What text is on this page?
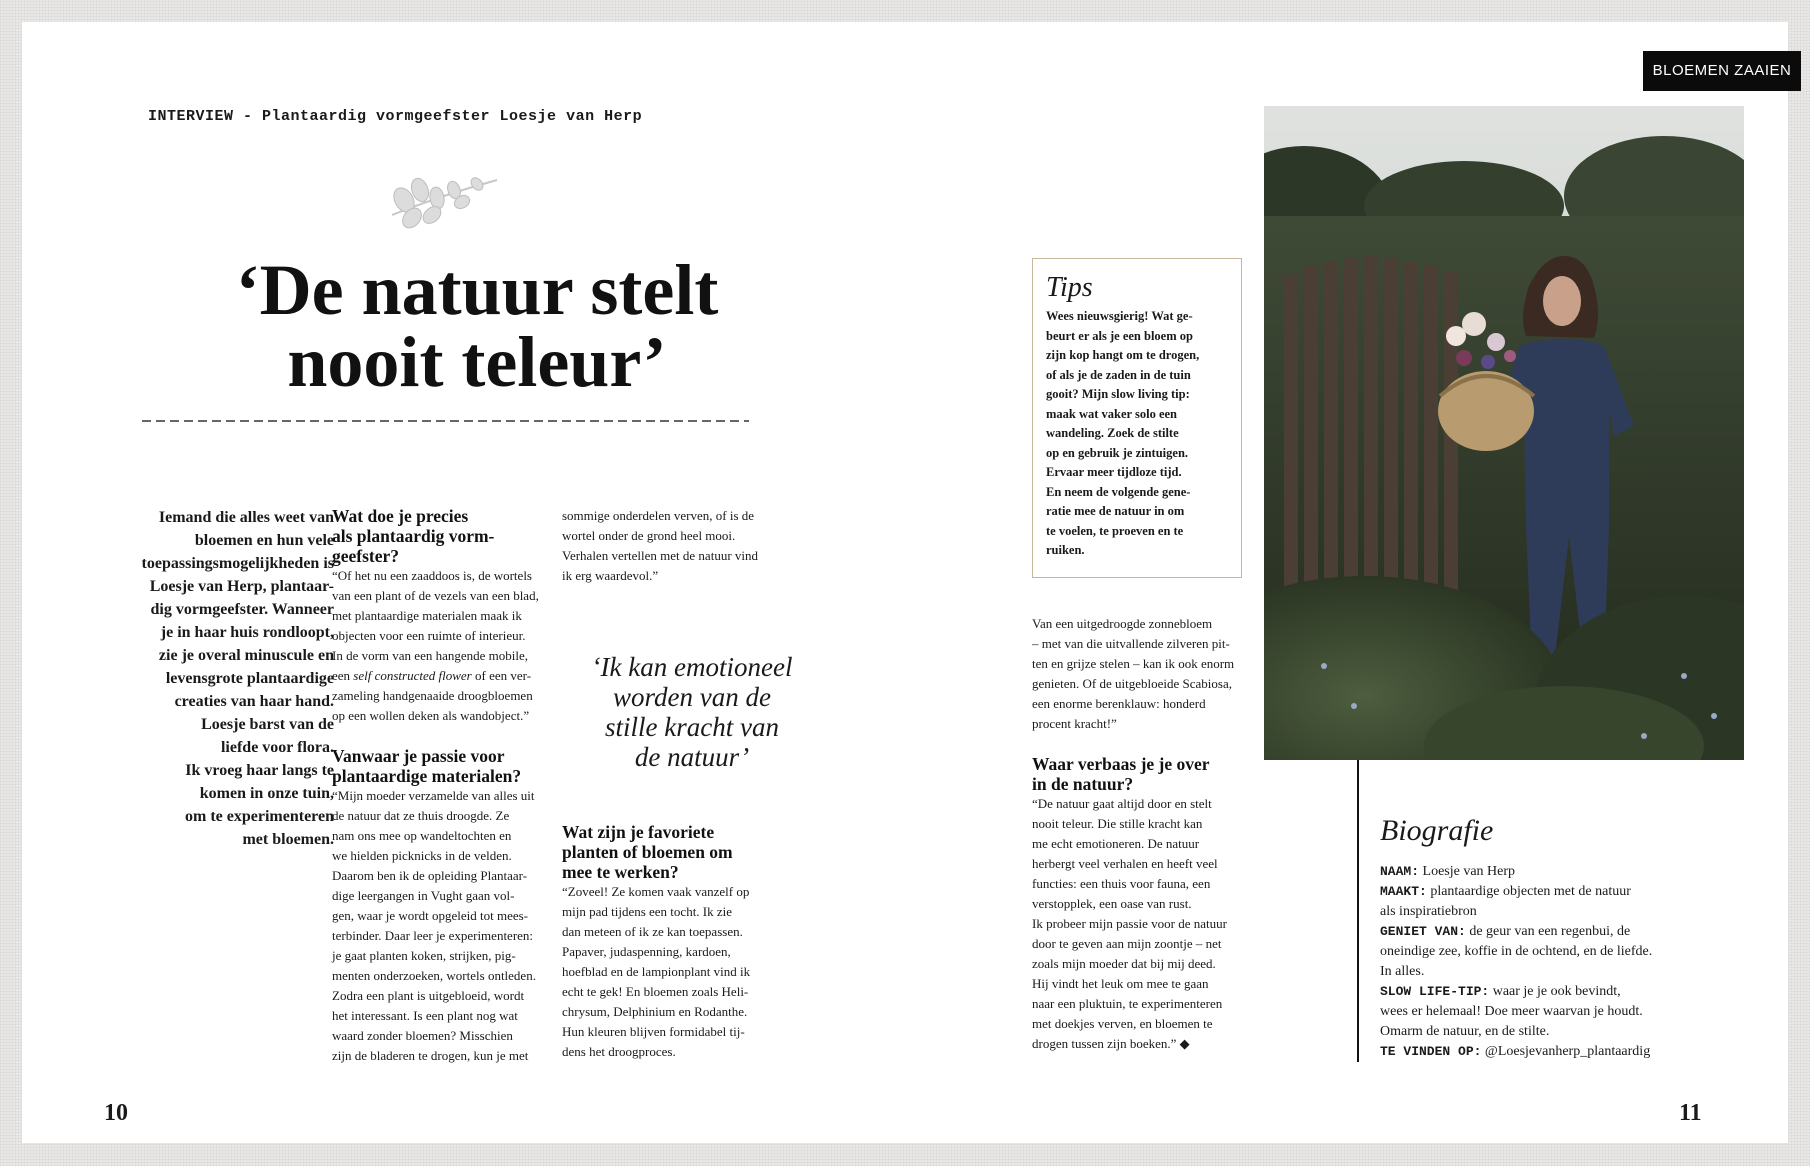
INTERVIEW - Plantaardig vormgeefster Loesje van Herp
‘De natuur stelt
nooit teleur’
Iemand die alles weet van
bloemen en hun vele
toepassingsmogelijkheden is
Loesje van Herp, plantaar-
dig vormgeefster. Wanneer
je in haar huis rondloopt,
zie je overal minuscule en
levensgrote plantaardige
creaties van haar hand.
Loesje barst van de
liefde voor flora.
Ik vroeg haar langs te
komen in onze tuin,
om te experimenteren
met bloemen.

Wat doe je precies
als plantaardig vorm-
geefster?

“Of het nu een zaaddoos is, de wortels
van een plant of de vezels van een blad,
met plantaardige materialen maak ik
objecten voor een ruimte of interieur.
In de vorm van een hangende mobile,
een self constructed flower of een ver-
zameling handgenaaide droogbloemen
op een wollen deken als wandobject.”

Vanwaar je passie voor
plantaardige materialen?

“Mijn moeder verzamelde van alles uit
de natuur dat ze thuis droogde. Ze
nam ons mee op wandeltochten en
we hielden picknicks in de velden.
Daarom ben ik de opleiding Plantaar-
dige leergangen in Vught gaan vol-
gen, waar je wordt opgeleid tot mees-
terbinder. Daar leer je experimenteren:
je gaat planten koken, strijken, pig-
menten onderzoeken, wortels ontleden.
Zodra een plant is uitgebloeid, wordt
het interessant. Is een plant nog wat
waard zonder bloemen? Misschien
zijn de bladeren te drogen, kun je met
sommige onderdelen verven, of is de
wortel onder de grond heel mooi.
Verhalen vertellen met de natuur vind
ik erg waardevol.”
‘Ik kan emotioneel
worden van de
stille kracht van
de natuur’

Wat zijn je favoriete
planten of bloemen om
mee te werken?

“Zoveel! Ze komen vaak vanzelf op
mijn pad tijdens een tocht. Ik zie
dan meteen of ik ze kan toepassen.
Papaver, judaspenning, kardoen,
hoefblad en de lampionplant vind ik
echt te gek! En bloemen zoals Heli-
chrysum, Delphinium en Rodanthe.
Hun kleuren blijven formidabel tij-
dens het droogproces.

10

BLOEMEN ZAAIEN

Tips

Wees nieuwsgierig! Wat ge-
beurt er als je een bloem op
zijn kop hangt om te drogen,
of als je de zaden in de tuin
gooit? Mijn slow living tip:
maak wat vaker solo een
wandeling. Zoek de stilte
op en gebruik je zintuigen.
Ervaar meer tijdloze tijd.
En neem de volgende gene-
ratie mee de natuur in om
te voelen, te proeven en te
ruiken.
Van een uitgedroogde zonnebloem
– met van die uitvallende zilveren pit-
ten en grijze stelen – kan ik ook enorm
genieten. Of de uitgebloeide Scabiosa,
een enorme berenklauw: honderd
procent kracht!”

Waar verbaas je je over
in de natuur?

“De natuur gaat altijd door en stelt
nooit teleur. Die stille kracht kan
me echt emotioneren. De natuur
herbergt veel verhalen en heeft veel
functies: een thuis voor fauna, een
verstopplek, een oase van rust.
Ik probeer mijn passie voor de natuur
door te geven aan mijn zoontje – net
zoals mijn moeder dat bij mij deed.
Hij vindt het leuk om mee te gaan
naar een pluktuin, te experimenteren
met doekjes verven, en bloemen te
drogen tussen zijn boeken.” ◆

Biografie

NAAM: Loesje van Herp
MAAKT: plantaardige objecten met de natuur
als inspiratiebron
GENIET VAN: de geur van een regenbui, de
oneindige zee, koffie in de ochtend, en de liefde.
In alles.
SLOW LIFE-TIP: waar je je ook bevindt,
wees er helemaal! Doe meer waarvan je houdt.
Omarm de natuur, en de stilte.
TE VINDEN OP: @Loesjevanherp_plantaardig

11
